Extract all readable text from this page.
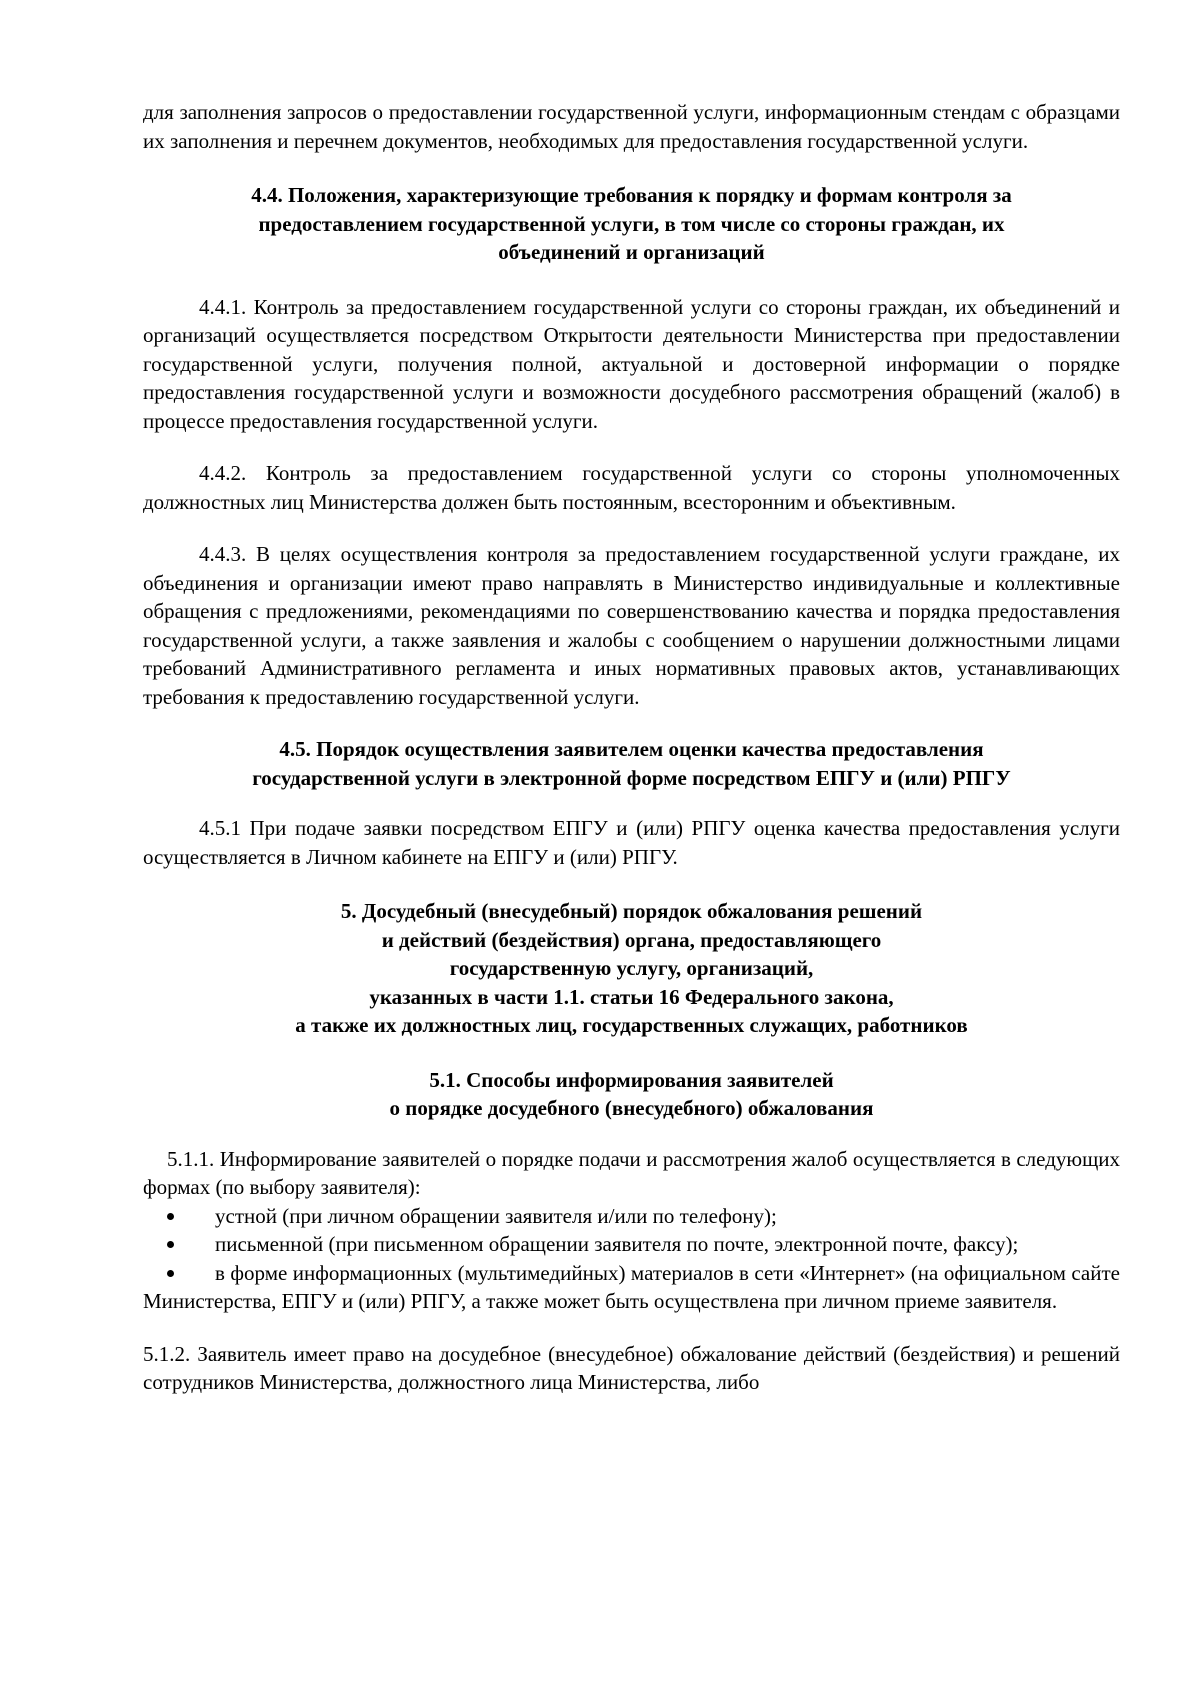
для заполнения запросов о предоставлении государственной услуги, информационным стендам с образцами их заполнения и перечнем документов, необходимых для предоставления государственной услуги.

4.4. Положения, характеризующие требования к порядку и формам контроля за
предоставлением государственной услуги, в том числе со стороны граждан, их
объединений и организаций

4.4.1. Контроль за предоставлением государственной услуги со стороны граждан, их объединений и организаций осуществляется посредством Открытости деятельности Министерства при предоставлении государственной услуги, получения полной, актуальной и достоверной информации о порядке предоставления государственной услуги и возможности досудебного рассмотрения обращений (жалоб) в процессе предоставления государственной услуги.

4.4.2. Контроль за предоставлением государственной услуги со стороны уполномоченных должностных лиц Министерства должен быть постоянным, всесторонним и объективным.

4.4.3. В целях осуществления контроля за предоставлением государственной услуги граждане, их объединения и организации имеют право направлять в Министерство индивидуальные и коллективные обращения с предложениями, рекомендациями по совершенствованию качества и порядка предоставления государственной услуги, а также заявления и жалобы с сообщением о нарушении должностными лицами требований Административного регламента и иных нормативных правовых актов, устанавливающих требования к предоставлению государственной услуги.

4.5. Порядок осуществления заявителем оценки качества предоставления
государственной услуги в электронной форме посредством ЕПГУ и (или) РПГУ

4.5.1 При подаче заявки посредством ЕПГУ и (или) РПГУ оценка качества предоставления услуги осуществляется в Личном кабинете на ЕПГУ и (или) РПГУ.

5. Досудебный (внесудебный) порядок обжалования решений
и действий (бездействия) органа, предоставляющего
государственную услугу, организаций,
указанных в части 1.1. статьи 16 Федерального закона,
а также их должностных лиц, государственных служащих, работников
5.1. Способы информирования заявителей
о порядке досудебного (внесудебного) обжалования

5.1.1. Информирование заявителей о порядке подачи и рассмотрения жалоб осуществляется в следующих формах (по выбору заявителя):

устной (при личном обращении заявителя и/или по телефону);

письменной (при письменном обращении заявителя по почте, электронной почте, факсу);

в форме информационных (мультимедийных) материалов в сети «Интернет» (на официальном сайте Министерства, ЕПГУ и (или) РПГУ, а также может быть осуществлена при личном приеме заявителя.

5.1.2. Заявитель имеет право на досудебное (внесудебное) обжалование действий (бездействия) и решений сотрудников Министерства, должностного лица Министерства, либо
